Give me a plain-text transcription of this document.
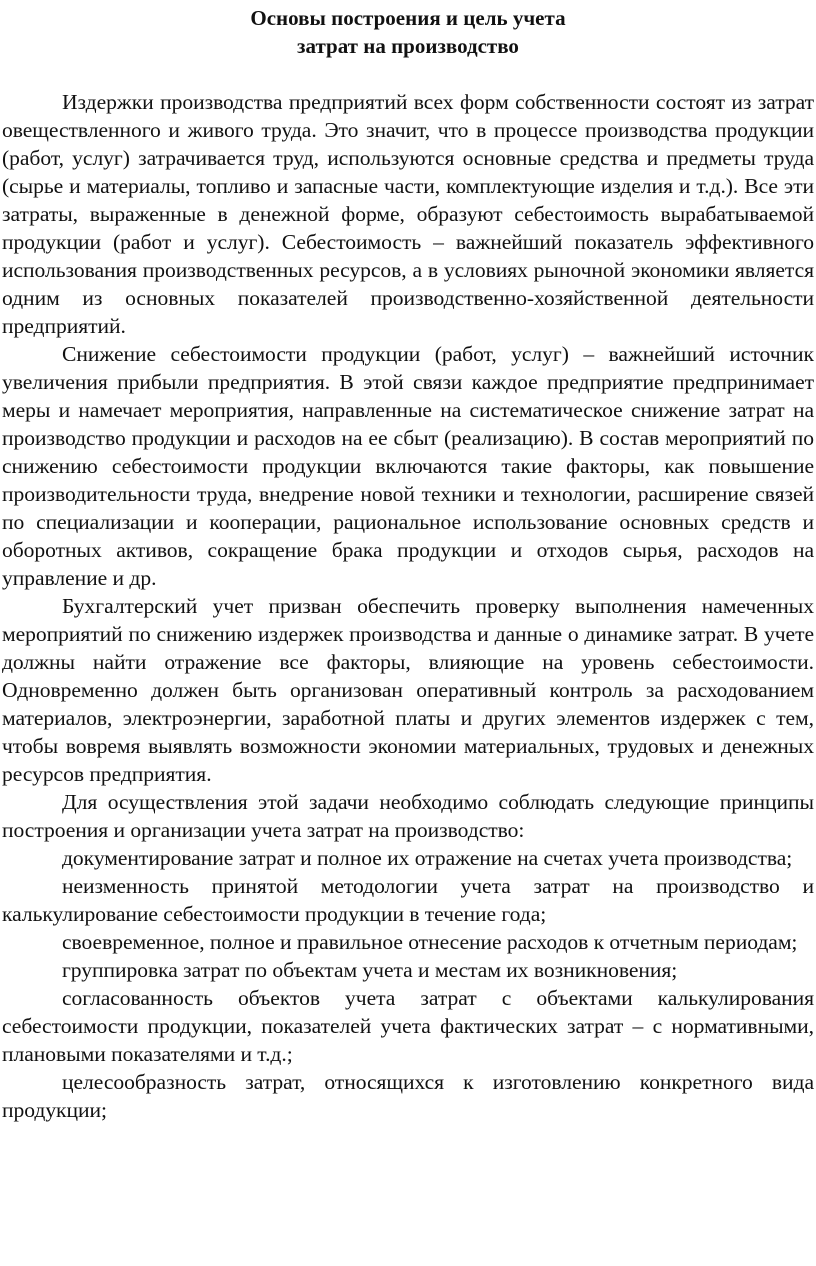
Основы построения и цель учета
затрат на производство

Издержки производства предприятий всех форм собственности состоят из затрат овеществленного и живого труда. Это значит, что в процессе производства продукции (работ, услуг) затрачивается труд, используются основные средства и предметы труда (сырье и материалы, топливо и запасные части, комплектующие изделия и т.д.). Все эти затраты, выраженные в денежной форме, образуют себестоимость вырабатываемой продукции (работ и услуг). Себестоимость – важнейший показатель эффективного использования производственных ресурсов, а в условиях рыночной экономики является одним из основных показателей производственно-хозяйственной деятельности предприятий.

Снижение себестоимости продукции (работ, услуг) – важнейший источник увеличения прибыли предприятия. В этой связи каждое предприятие предпринимает меры и намечает мероприятия, направленные на систематическое снижение затрат на производство продукции и расходов на ее сбыт (реализацию). В состав мероприятий по снижению себестоимости продукции включаются такие факторы, как повышение производительности труда, внедрение новой техники и технологии, расширение связей по специализации и кооперации, рациональное использование основных средств и оборотных активов, сокращение брака продукции и отходов сырья, расходов на управление и др.

Бухгалтерский учет призван обеспечить проверку выполнения намеченных мероприятий по снижению издержек производства и данные о динамике затрат. В учете должны найти отражение все факторы, влияющие на уровень себестоимости. Одновременно должен быть организован оперативный контроль за расходованием материалов, электроэнергии, заработной платы и других элементов издержек с тем, чтобы вовремя выявлять возможности экономии материальных, трудовых и денежных ресурсов предприятия.

Для осуществления этой задачи необходимо соблюдать следующие принципы построения и организации учета затрат на производство:

документирование затрат и полное их отражение на счетах учета производства;

неизменность принятой методологии учета затрат на производство и калькулирование себестоимости продукции в течение года;

своевременное, полное и правильное отнесение расходов к отчетным периодам;

группировка затрат по объектам учета и местам их возникновения;

согласованность объектов учета затрат с объектами калькулирования себестоимости продукции, показателей учета фактических затрат – с нормативными, плановыми показателями и т.д.;

целесообразность затрат, относящихся к изготовлению конкретного вида продукции;
